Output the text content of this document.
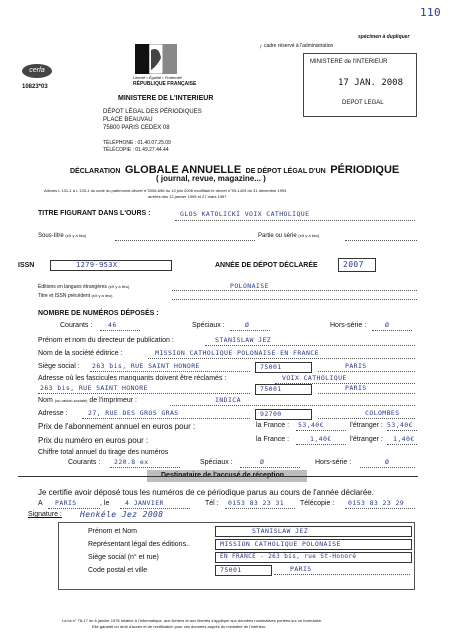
110
spécimen à dupliquer
┌ cadre réservé à l'administration
MINISTERE de l'INTERIEUR
17 JAN. 2008
DEPOT LEGAL
cerfa
10823*03
Liberté • Égalité • Fraternité
RÉPUBLIQUE FRANÇAISE
MINISTERE DE L'INTERIEUR
DÉPOT LÉGAL DES PÉRIODIQUES
PLACE BEAUVAU
75800 PARIS CEDEX 08
TÉLÉPHONE : 01.40.07.25.09
TÉLÉCOPIE : 01.49.27.44.44
DÉCLARATION GLOBALE ANNUELLE DE DÉPOT LÉGAL D'UN PÉRIODIQUE
( journal, revue, magazine... )
Articles L 131-1 à L 133-1 du code du patrimoine-décret n°2006-696 du 13 juin 2006 modifiant le décret n°93-1429 du 31 décembre 1993
arrêtés des 12 janvier 1995 et 27 mars 1997
TITRE FIGURANT DANS L'OURS :	GLOS KATOLICKI VOIX CATHOLIQUE
Sous-titre (s'il y a lieu)	Partie ou série (s'il y a lieu)
ISSN	1279-953X	ANNÉE DE DÉPOT DÉCLARÉE	2007
Éditions en langues étrangères (s'il y a lieu)	POLONAISE
Titre et ISSN précédent (s'il y a lieu)
NOMBRE DE NUMÉROS DÉPOSÉS :
Courants : 46	Spéciaux :	Ø	Hors-série :	Ø
Prénom et nom du directeur de publication :	STANISLAW JEZ
Nom de la société éditrice :	MISSION CATHOLIQUE POLONAISE EN FRANCE
Siège social : 263 bis, RUE SAINT HONORE	75001	PARIS
Adresse où les fascicules manquants doivent être réclamés :	VOIX CATHOLIQUE
263 bis, RUE SAINT HONORE	75001	PARIS
Nom (ou raison sociale) de l'imprimeur :	INDICA
Adresse :	27, RUE DES GROS GRAS	92700	COLOMBES
Prix de l'abonnement annuel en euros pour :	la France : 53,40€	l'étranger : 53,40€
Prix du numéro en euros pour :	la France :	1,40€	l'étranger : 1,40€
Chiffre total annuel du tirage des numéros
Courants : 220.8 ex	Spéciaux :	Ø	Hors-série :	Ø
Destinataire de l'accusé de réception
Je certifie avoir déposé tous les numéros de ce périodique parus au cours de l'année déclarée.
A PARIS	, le 4 JANVIER	Tél : 0153 83 23 31 Télécopie : 0153 83 23 29
Signature : Henkéle Jez 2008
Prénom et Nom	STANISLAW JEZ
Représentant légal des éditions..	MISSION CATHOLIQUE POLONAISE
Siège social (n° et rue)	EN FRANCE - 263 bis, rue St-Honoré
Code postal et ville	75001	PARIS
La loi n° 78-17 du 6 janvier 1978 relative à l'informatique, aux fichiers et aux libertés s'applique aux données nominatives portées sur ce formulaire.
Elle garantit un droit d'accès et de rectification pour ces données auprès du ministère de l'intérieur.
